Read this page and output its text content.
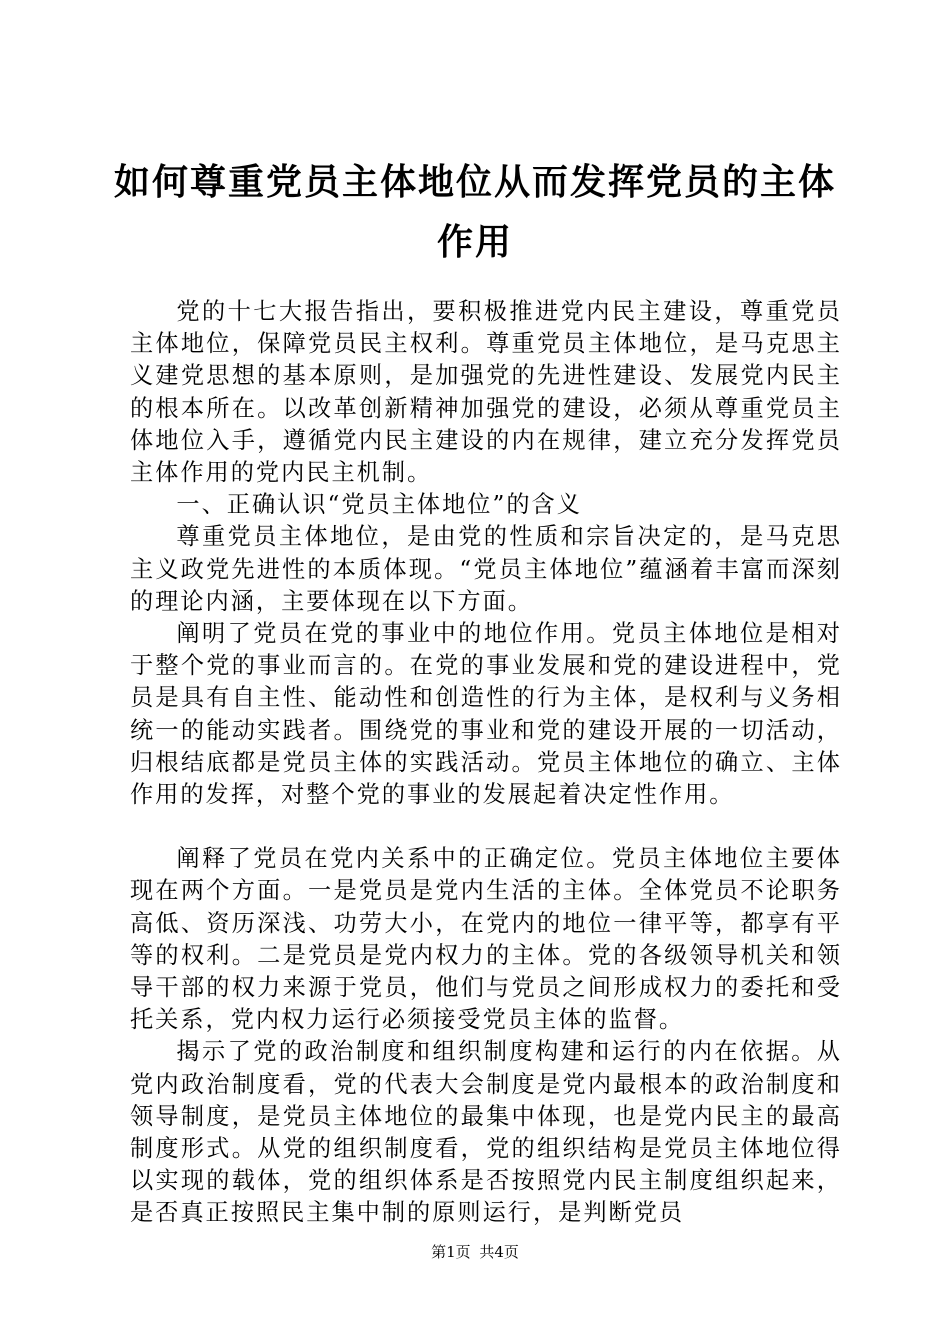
如何尊重党员主体地位从而发挥党员的主体作用

党的十七大报告指出，要积极推进党内民主建设，尊重党员主体地位，保障党员民主权利。尊重党员主体地位，是马克思主义建党思想的基本原则，是加强党的先进性建设、发展党内民主的根本所在。以改革创新精神加强党的建设，必须从尊重党员主体地位入手，遵循党内民主建设的内在规律，建立充分发挥党员主体作用的党内民主机制。

一、正确认识“党员主体地位”的含义

尊重党员主体地位，是由党的性质和宗旨决定的，是马克思主义政党先进性的本质体现。“党员主体地位”蕴涵着丰富而深刻的理论内涵，主要体现在以下方面。

阐明了党员在党的事业中的地位作用。党员主体地位是相对于整个党的事业而言的。在党的事业发展和党的建设进程中，党员是具有自主性、能动性和创造性的行为主体，是权利与义务相统一的能动实践者。围绕党的事业和党的建设开展的一切活动，归根结底都是党员主体的实践活动。党员主体地位的确立、主体作用的发挥，对整个党的事业的发展起着决定性作用。

阐释了党员在党内关系中的正确定位。党员主体地位主要体现在两个方面。一是党员是党内生活的主体。全体党员不论职务高低、资历深浅、功劳大小，在党内的地位一律平等，都享有平等的权利。二是党员是党内权力的主体。党的各级领导机关和领导干部的权力来源于党员，他们与党员之间形成权力的委托和受托关系，党内权力运行必须接受党员主体的监督。

揭示了党的政治制度和组织制度构建和运行的内在依据。从党内政治制度看，党的代表大会制度是党内最根本的政治制度和领导制度，是党员主体地位的最集中体现，也是党内民主的最高制度形式。从党的组织制度看，党的组织结构是党员主体地位得以实现的载体，党的组织体系是否按照党内民主制度组织起来，是否真正按照民主集中制的原则运行，是判断党员

第1页 共4页
